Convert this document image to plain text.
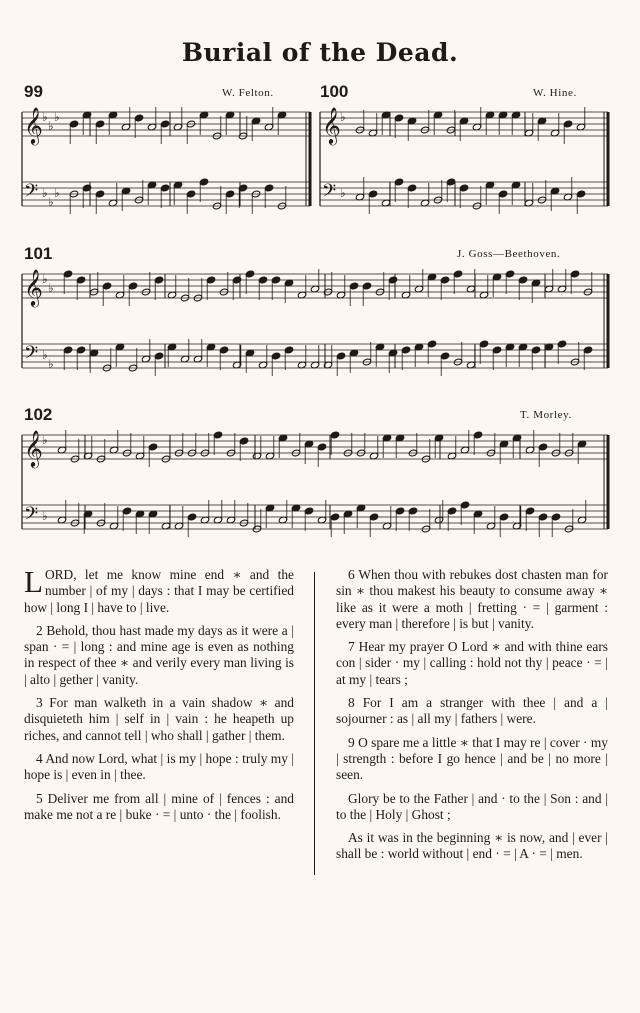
Burial of the Dead.
99	W. Felton.	100	W. Hine.
𝄞 ♭
♭
♭
𝄢 ♭
♭
♭
𝄞 ♭
𝄢 ♭
101	J. Goss—Beethoven.
𝄞 ♭
♭
𝄢 ♭
♭
102	T. Morley.
𝄞 ♭
𝄢 ♭

LORD, let me know mine end ∗ and the number | of my | days : that I may be certified how | long I | have to | live.

2 Behold, thou hast made my days as it were a | span · = | long : and mine age is even as nothing in respect of thee ∗ and verily every man living is | alto | gether | vanity.

3 For man walketh in a vain shadow ∗ and disquieteth him | self in | vain : he heapeth up riches, and cannot tell | who shall | gather | them.

4 And now Lord, what | is my | hope : truly my | hope is | even in | thee.

5 Deliver me from all | mine of | fences : and make me not a re | buke · = | unto · the | foolish.

6 When thou with rebukes dost chasten man for sin ∗ thou makest his beauty to consume away ∗ like as it were a moth | fretting · = | garment : every man | therefore | is but | vanity.

7 Hear my prayer O Lord ∗ and with thine ears con | sider · my | calling : hold not thy | peace · = | at my | tears ;

8 For I am a stranger with thee | and a | sojourner : as | all my | fathers | were.

9 O spare me a little ∗ that I may re | cover · my | strength : before I go hence | and be | no more | seen.

Glory be to the Father | and · to the | Son : and | to the | Holy | Ghost ;

As it was in the beginning ∗ is now, and | ever | shall be : world without | end · = | A · = | men.
